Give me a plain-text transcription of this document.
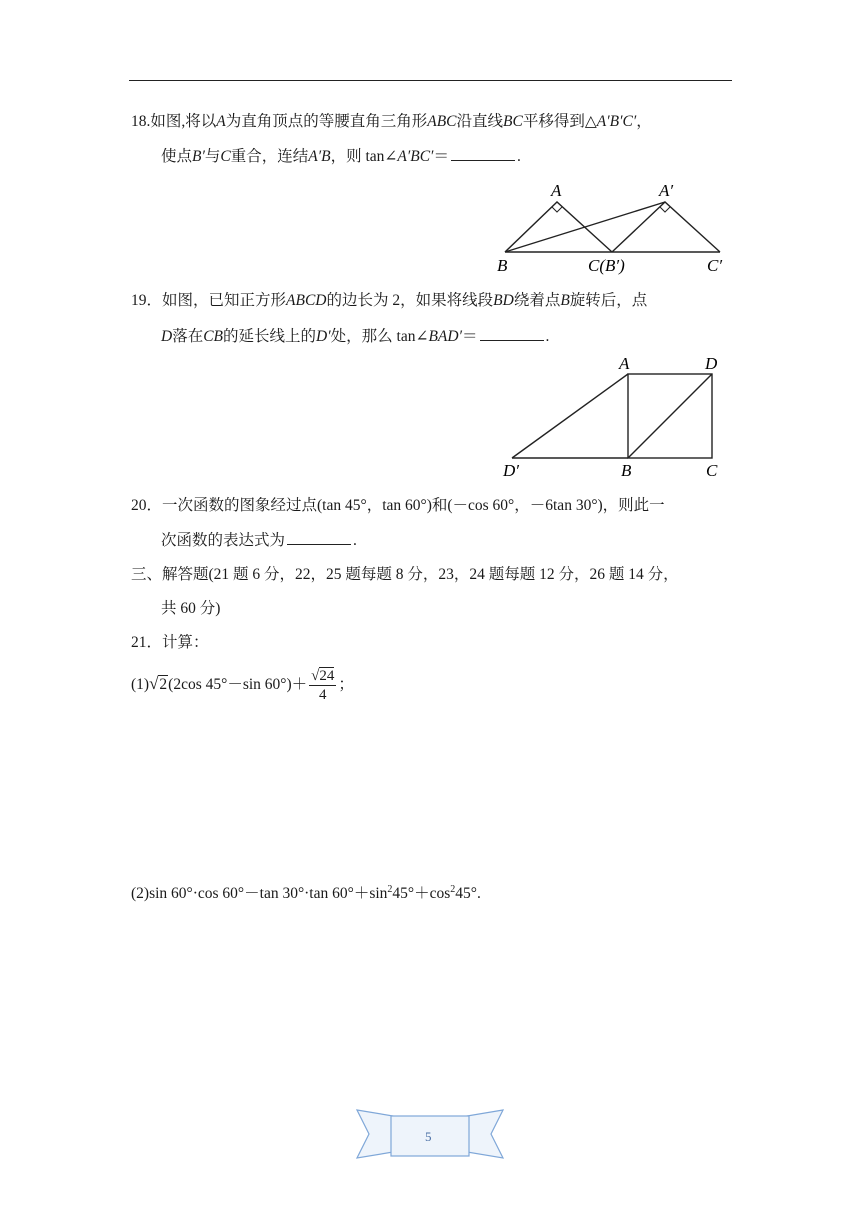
18.如图,将以A为直角顶点的等腰直角三角形ABC沿直线BC平移得到△A′B′C′，
使点B′与C重合，连结A′B，则 tan∠A′BC′＝	.
A	A′
B	C(B′)	C′
19．如图，已知正方形ABCD的边长为 2，如果将线段BD绕着点B旋转后，点
D落在CB的延长线上的D′处，那么 tan∠BAD′＝	.
A	D
D′	B	C
20．一次函数的图象经过点(tan 45°，tan 60°)和(－cos 60°，－6tan 30°)，则此一
次函数的表达式为	.
三、解答题(21 题 6 分，22，25 题每题 8 分，23，24 题每题 12 分，26 题 14 分，
共 60 分)
21．计算：
(1)√2(2cos 45°－sin $60^\circ)+ \frac{√24}{4}$ ；
(2)sin 60°·cos 60°－tan 30°·tan $60^\circ+\sin^245^\circ+\cos^245^\circ$.
5
